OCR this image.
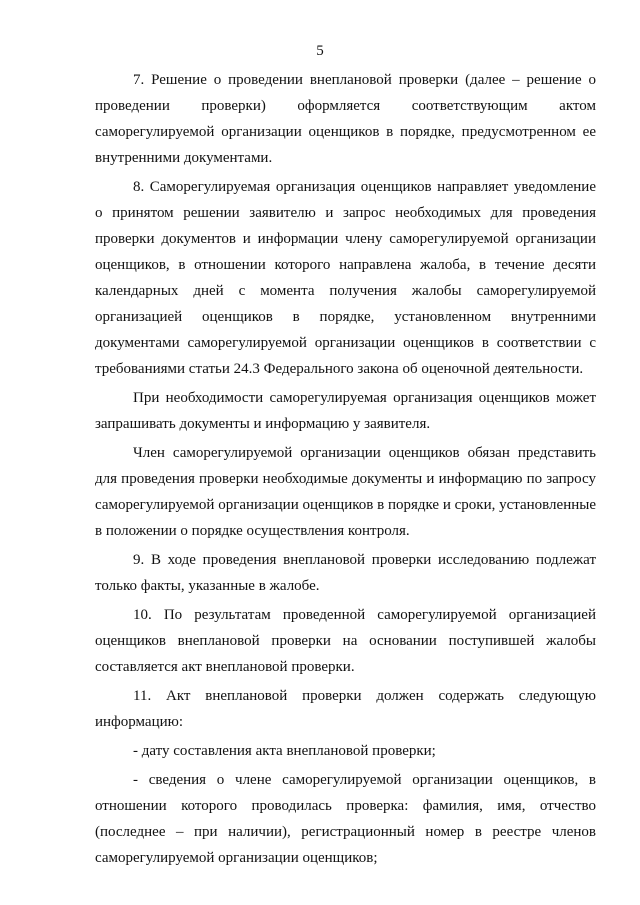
5

7. Решение о проведении внеплановой проверки (далее – решение о проведении проверки) оформляется соответствующим актом саморегулируемой организации оценщиков в порядке, предусмотренном ее внутренними документами.

8. Саморегулируемая организация оценщиков направляет уведомление о принятом решении заявителю и запрос необходимых для проведения проверки документов и информации члену саморегулируемой организации оценщиков, в отношении которого направлена жалоба, в течение десяти календарных дней с момента получения жалобы саморегулируемой организацией оценщиков в порядке, установленном внутренними документами саморегулируемой организации оценщиков в соответствии с требованиями статьи 24.3 Федерального закона об оценочной деятельности.

При необходимости саморегулируемая организация оценщиков может запрашивать документы и информацию у заявителя.

Член саморегулируемой организации оценщиков обязан представить для проведения проверки необходимые документы и информацию по запросу саморегулируемой организации оценщиков в порядке и сроки, установленные в положении о порядке осуществления контроля.

9. В ходе проведения внеплановой проверки исследованию подлежат только факты, указанные в жалобе.

10. По результатам проведенной саморегулируемой организацией оценщиков внеплановой проверки на основании поступившей жалобы составляется акт внеплановой проверки.

11. Акт внеплановой проверки должен содержать следующую информацию:

- дату составления акта внеплановой проверки;

- сведения о члене саморегулируемой организации оценщиков, в отношении которого проводилась проверка: фамилия, имя, отчество (последнее – при наличии), регистрационный номер в реестре членов саморегулируемой организации оценщиков;
